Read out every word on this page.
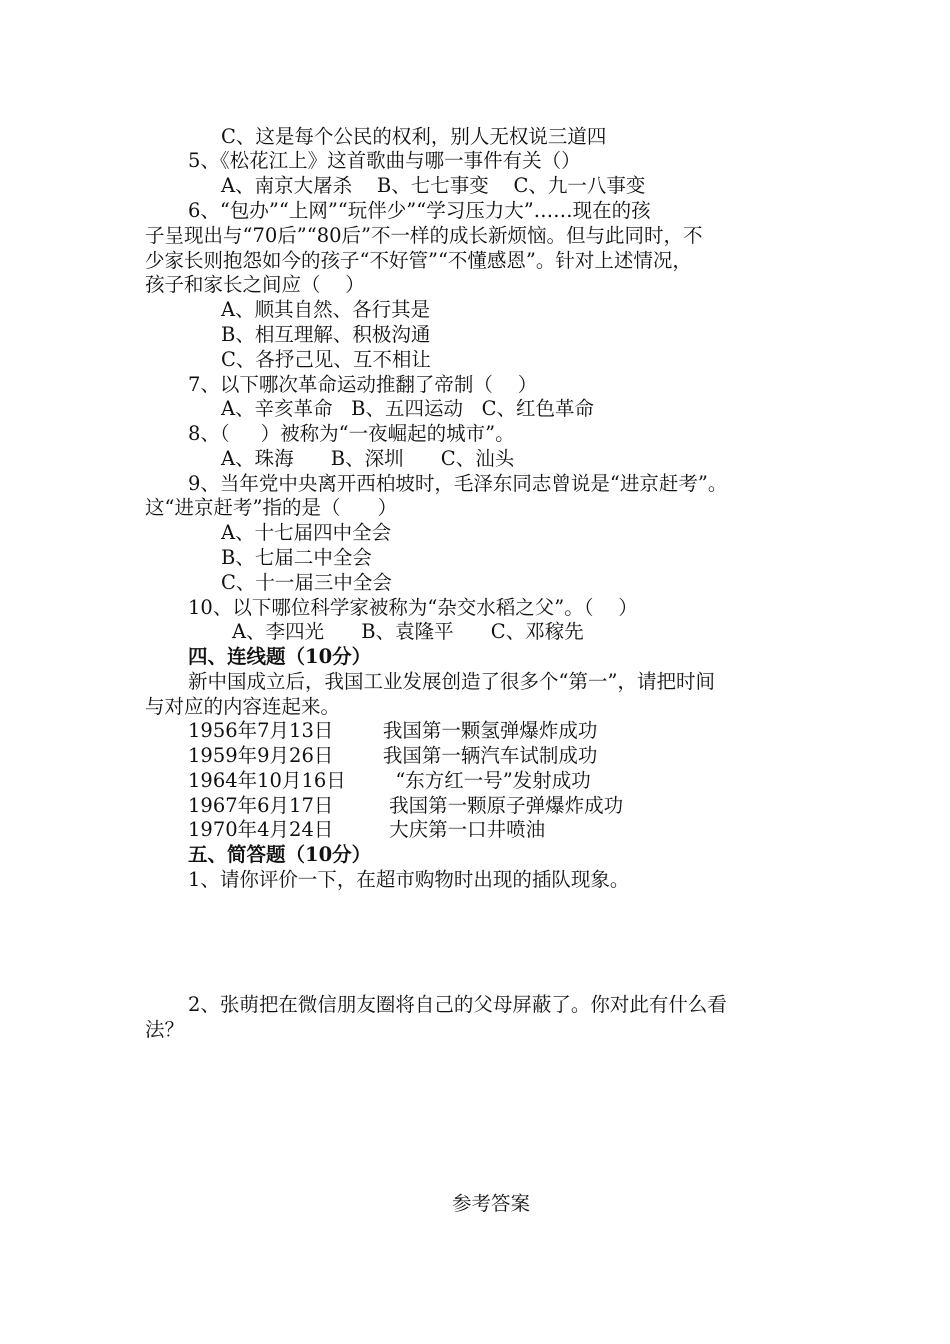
C、这是每个公民的权利，别人无权说三道四
5、《松花江上》这首歌曲与哪一事件有关（）
A、南京大屠杀    B、七七事变    C、九一八事变
6、“包办”“上网”“玩伴少”“学习压力大”……现在的孩
子呈现出与“70后”“80后”不一样的成长新烦恼。但与此同时，不
少家长则抱怨如今的孩子“不好管”“不懂感恩”。针对上述情况，
孩子和家长之间应（    ）
A、顺其自然、各行其是
B、相互理解、积极沟通
C、各抒己见、互不相让
7、以下哪次革命运动推翻了帝制（    ）
A、辛亥革命   B、五四运动   C、红色革命
8、（     ）被称为“一夜崛起的城市”。
A、珠海      B、深圳      C、汕头
9、当年党中央离开西柏坡时，毛泽东同志曾说是“进京赶考”。
这“进京赶考”指的是（      ）
A、十七届四中全会
B、七届二中全会
C、十一届三中全会
10、以下哪位科学家被称为“杂交水稻之父”。（    ）
A、李四光      B、袁隆平      C、邓稼先
四、连线题（10分）
新中国成立后，我国工业发展创造了很多个“第一”，请把时间
与对应的内容连起来。
1956年7月13日        我国第一颗氢弹爆炸成功
1959年9月26日        我国第一辆汽车试制成功
1964年10月16日        “东方红一号”发射成功
1967年6月17日         我国第一颗原子弹爆炸成功
1970年4月24日         大庆第一口井喷油
五、简答题（10分）
1、请你评价一下，在超市购物时出现的插队现象。
2、张萌把在微信朋友圈将自己的父母屏蔽了。你对此有什么看
法？
参考答案
